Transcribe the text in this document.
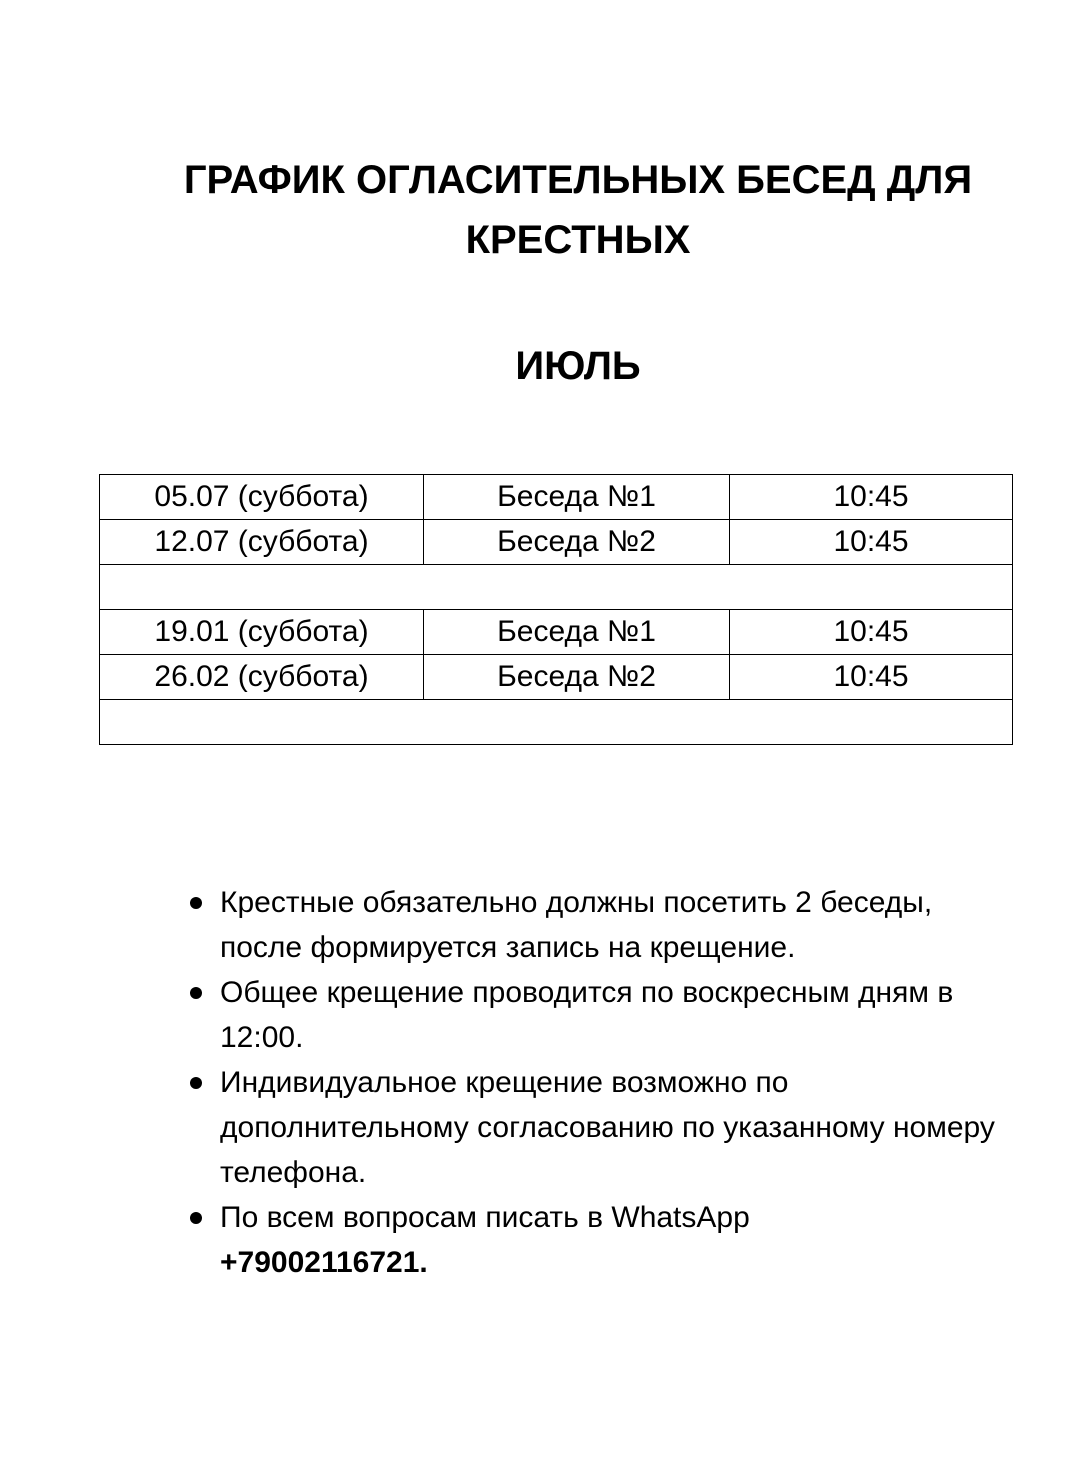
ГРАФИК ОГЛАСИТЕЛЬНЫХ БЕСЕД ДЛЯ КРЕСТНЫХ
ИЮЛЬ
05.07 (суббота)	Беседа №1	10:45
12.07 (суббота)	Беседа №2	10:45

19.01 (суббота)	Беседа №1	10:45
26.02 (суббота)	Беседа №2	10:45

Крестные обязательно должны посетить 2 беседы, после формируется запись на крещение.
Общее крещение проводится по воскресным дням в 12:00.
Индивидуальное крещение возможно по дополнительному согласованию по указанному номеру телефона.
По всем вопросам писать в WhatsApp
+79002116721.
